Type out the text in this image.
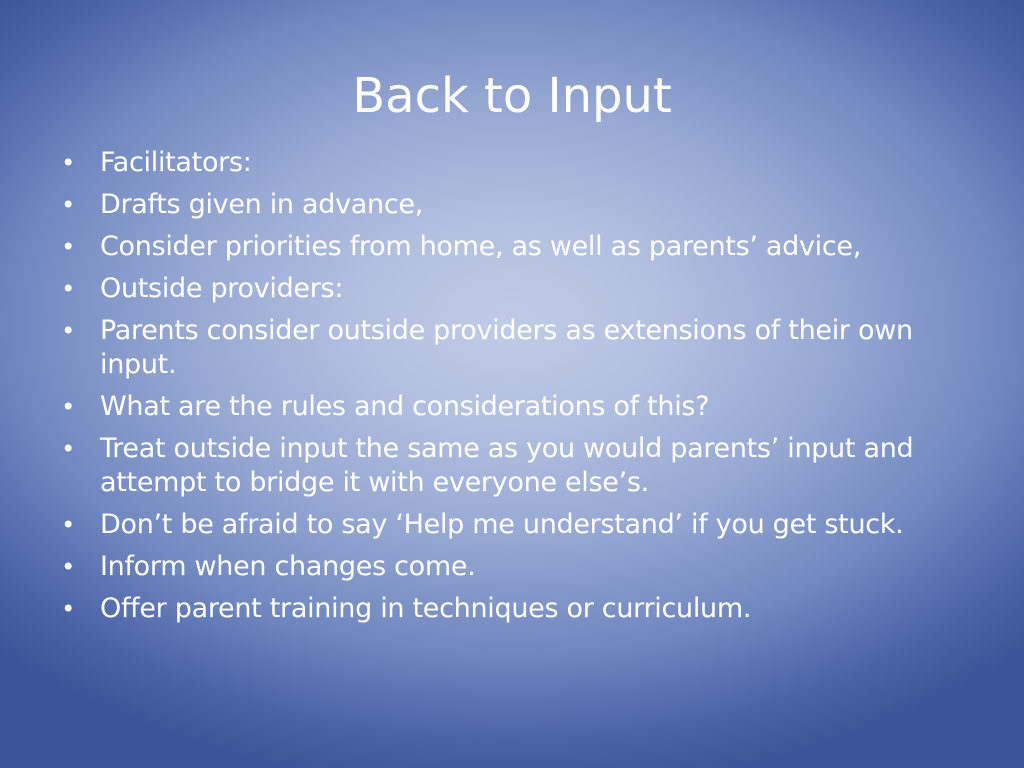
Back to Input
• Facilitators:
• Drafts given in advance,
• Consider priorities from home, as well as parents’ advice,
• Outside providers:
• Parents consider outside providers as extensions of their own input.
• What are the rules and considerations of this?
• Treat outside input the same as you would parents’ input and attempt to bridge it with everyone else’s.
• Don’t be afraid to say ‘Help me understand’ if you get stuck.
• Inform when changes come.
• Offer parent training in techniques or curriculum.
